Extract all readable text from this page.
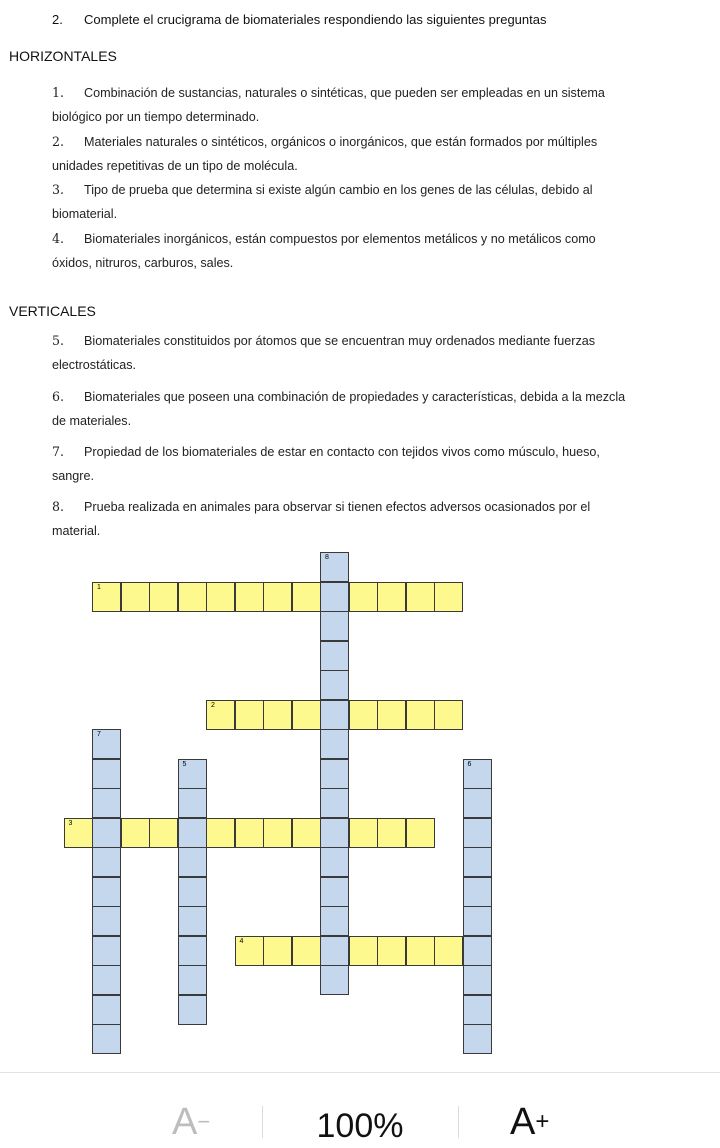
2. Complete el crucigrama de biomateriales respondiendo las siguientes preguntas
HORIZONTALES
1. Combinación de sustancias, naturales o sintéticas, que pueden ser empleadas en un sistema
biológico por un tiempo determinado.
2. Materiales naturales o sintéticos, orgánicos o inorgánicos, que están formados por múltiples
unidades repetitivas de un tipo de molécula.
3. Tipo de prueba que determina si existe algún cambio en los genes de las células, debido al
biomaterial.
4. Biomateriales inorgánicos, están compuestos por elementos metálicos y no metálicos como
óxidos, nitruros, carburos, sales.
VERTICALES
5. Biomateriales constituidos por átomos que se encuentran muy ordenados mediante fuerzas
electrostáticas.
6. Biomateriales que poseen una combinación de propiedades y características, debida a la mezcla
de materiales.
7. Propiedad de los biomateriales de estar en contacto con tejidos vivos como músculo, hueso,
sangre.
8. Prueba realizada en animales para observar si tienen efectos adversos ocasionados por el
material.
1
2
3
4
8
7
5	6
A−	100%	A+
